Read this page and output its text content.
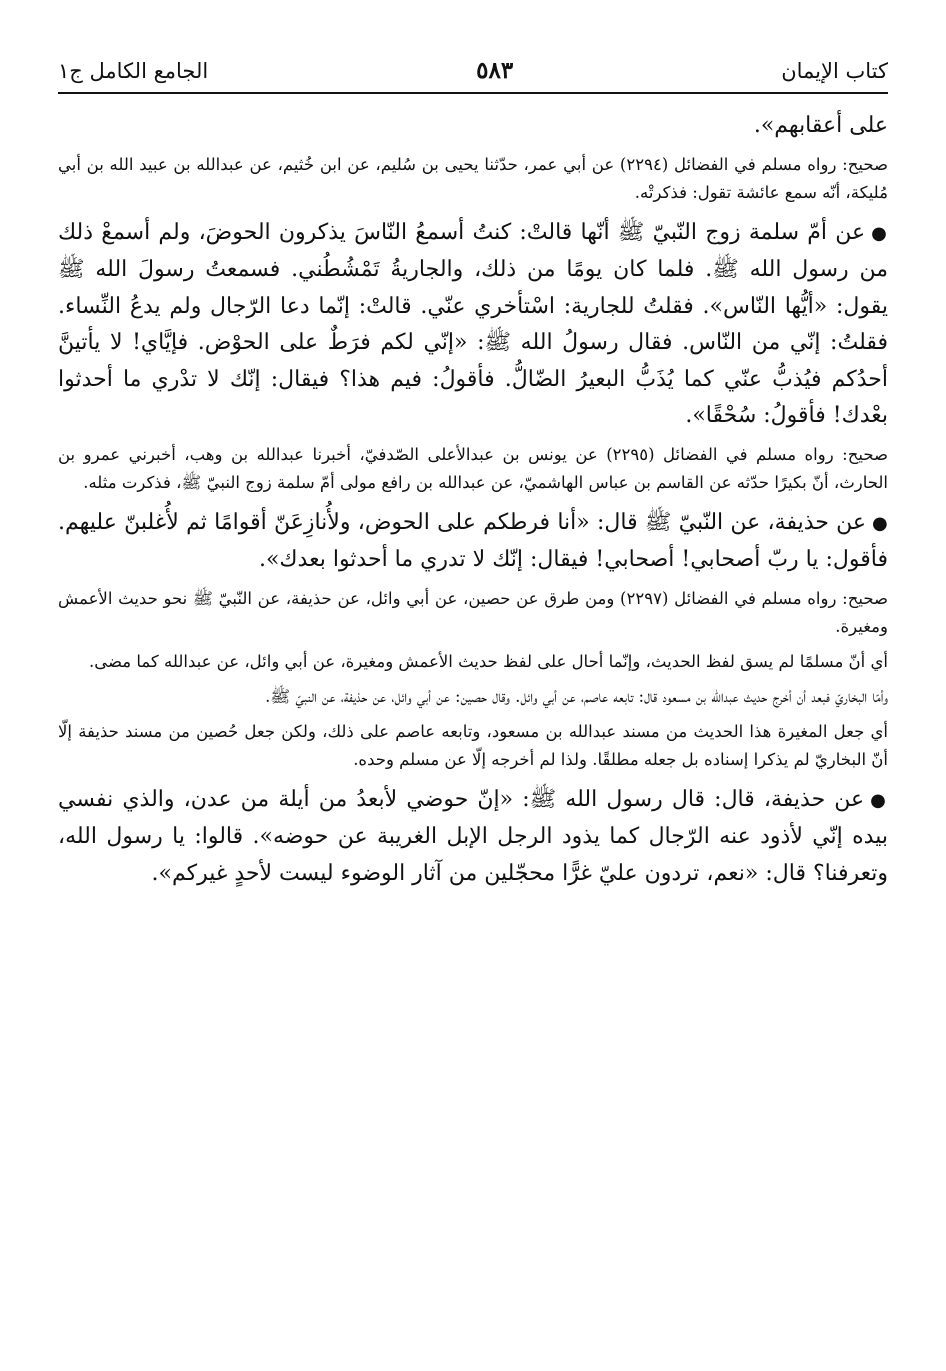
كتاب الإيمان
٥٨٣
الجامع الكامل ج١

على أعقابهم».

صحيح: رواه مسلم في الفضائل (٢٢٩٤) عن أبي عمر، حدّثنا يحيى بن سُليم، عن ابن خُثيم، عن عبدالله بن عبيد الله بن أبي مُليكة، أنّه سمع عائشة تقول: فذكرتْه.

●عن أمّ سلمة زوج النّبيّ ﷺ أنّها قالتْ: كنتُ أسمعُ النّاسَ يذكرون الحوضَ، ولم أسمعْ ذلك من رسول الله ﷺ. فلما كان يومًا من ذلك، والجاريةُ تَمْشُطُني. فسمعتُ رسولَ الله ﷺ يقول: «أيُّها النّاس». فقلتُ للجارية: اسْتأخري عنّي. قالتْ: إنّما دعا الرّجال ولم يدعُ النِّساء. فقلتُ: إنّي من النّاس. فقال رسولُ الله ﷺ: «إنّي لكم فرَطٌ على الحوْض. فإيَّاي! لا يأتينَّ أحدُكم فيُذبُّ عنّي كما يُذَبُّ البعيرُ الضّالُّ. فأقولُ: فيم هذا؟ فيقال: إنّك لا تدْري ما أحدثوا بعْدك! فأقولُ: سُحْقًا».

صحيح: رواه مسلم في الفضائل (٢٢٩٥) عن يونس بن عبدالأعلى الصّدفيّ، أخبرنا عبدالله بن وهب، أخبرني عمرو بن الحارث، أنّ بكيرًا حدّثه عن القاسم بن عباس الهاشميّ، عن عبدالله بن رافع مولى أمّ سلمة زوج النبيّ ﷺ، فذكرت مثله.

●عن حذيفة، عن النّبيّ ﷺ قال: «أنا فرطكم على الحوض، ولأُنازِعَنّ أقوامًا ثم لأُغلبنّ عليهم. فأقول: يا ربّ أصحابي! أصحابي! فيقال: إنّك لا تدري ما أحدثوا بعدك».

صحيح: رواه مسلم في الفضائل (٢٢٩٧) ومن طرق عن حصين، عن أبي وائل، عن حذيفة، عن النّبيّ ﷺ نحو حديث الأعمش ومغيرة.

أي أنّ مسلمًا لم يسق لفظ الحديث، وإنّما أحال على لفظ حديث الأعمش ومغيرة، عن أبي وائل، عن عبدالله كما مضى.

وأمّا البخاريّ فبعد أن أخرج حديث عبدالله بن مسعود قال: تابعه عاصم، عن أبي وائل. وقال حصين: عن أبي وائل، عن حذيفة، عن النبيّ ﷺ.

أي جعل المغيرة هذا الحديث من مسند عبدالله بن مسعود، وتابعه عاصم على ذلك، ولكن جعل حُصين من مسند حذيفة إلّا أنّ البخاريّ لم يذكرا إسناده بل جعله مطلقًا. ولذا لم أخرجه إلّا عن مسلم وحده.

●عن حذيفة، قال: قال رسول الله ﷺ: «إنّ حوضي لأبعدُ من أيلة من عدن، والذي نفسي بيده إنّي لأذود عنه الرّجال كما يذود الرجل الإبل الغريبة عن حوضه». قالوا: يا رسول الله، وتعرفنا؟ قال: «نعم، تردون عليّ غرًّا محجّلين من آثار الوضوء ليست لأحدٍ غيركم».
